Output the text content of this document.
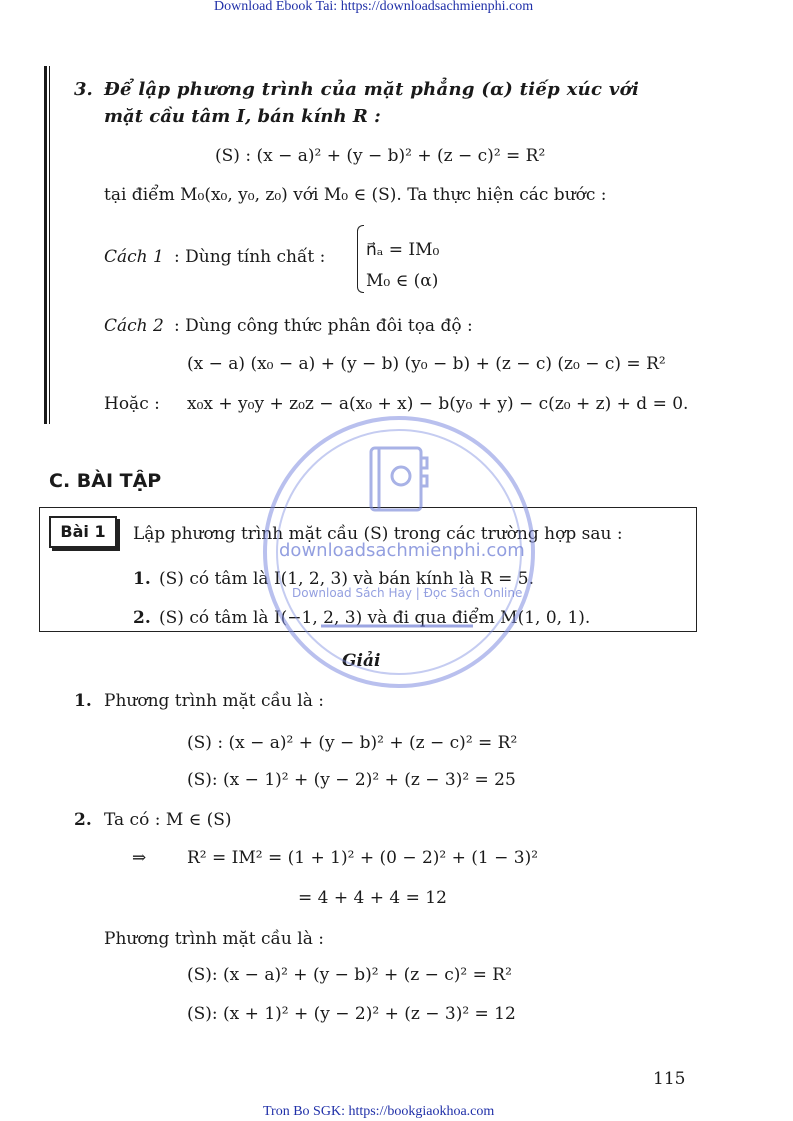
Download Ebook Tai: https://downloadsachmienphi.com
Tron Bo SGK: https://bookgiaokhoa.com
3. Để lập phương trình của mặt phẳng (α) tiếp xúc với
mặt cầu tâm I, bán kính R :
(S) : (x − a)² + (y − b)² + (z − c)² = R²
tại điểm M₀(x₀, y₀, z₀) với M₀ ∈ (S). Ta thực hiện các bước :
Cách 1 : Dùng tính chất : n⃗ₐ = IM₀
M₀ ∈ (α)
Cách 2 : Dùng công thức phân đôi tọa độ :
(x − a) (x₀ − a) + (y − b) (y₀ − b) + (z − c) (z₀ − c) = R²
Hoặc : x₀x + y₀y + z₀z − a(x₀ + x) − b(y₀ + y) − c(z₀ + z) + d = 0.
C. BÀI TẬP
Bài 1	Lập phương trình mặt cầu (S) trong các trường hợp sau :
1. (S) có tâm là I(1, 2, 3) và bán kính là R = 5.
2. (S) có tâm là I(−1, 2, 3) và đi qua điểm M(1, 0, 1).
Giải
1. Phương trình mặt cầu là :
(S) : (x − a)² + (y − b)² + (z − c)² = R²
(S): (x − 1)² + (y − 2)² + (z − 3)² = 25
2. Ta có : M ∈ (S)
⇒ R² = IM² = (1 + 1)² + (0 − 2)² + (1 − 3)²
= 4 + 4 + 4 = 12
Phương trình mặt cầu là :
(S): (x − a)² + (y − b)² + (z − c)² = R²
(S): (x + 1)² + (y − 2)² + (z − 3)² = 12
115
downloadsachmienphi.com
Download Sách Hay | Đọc Sách Online
